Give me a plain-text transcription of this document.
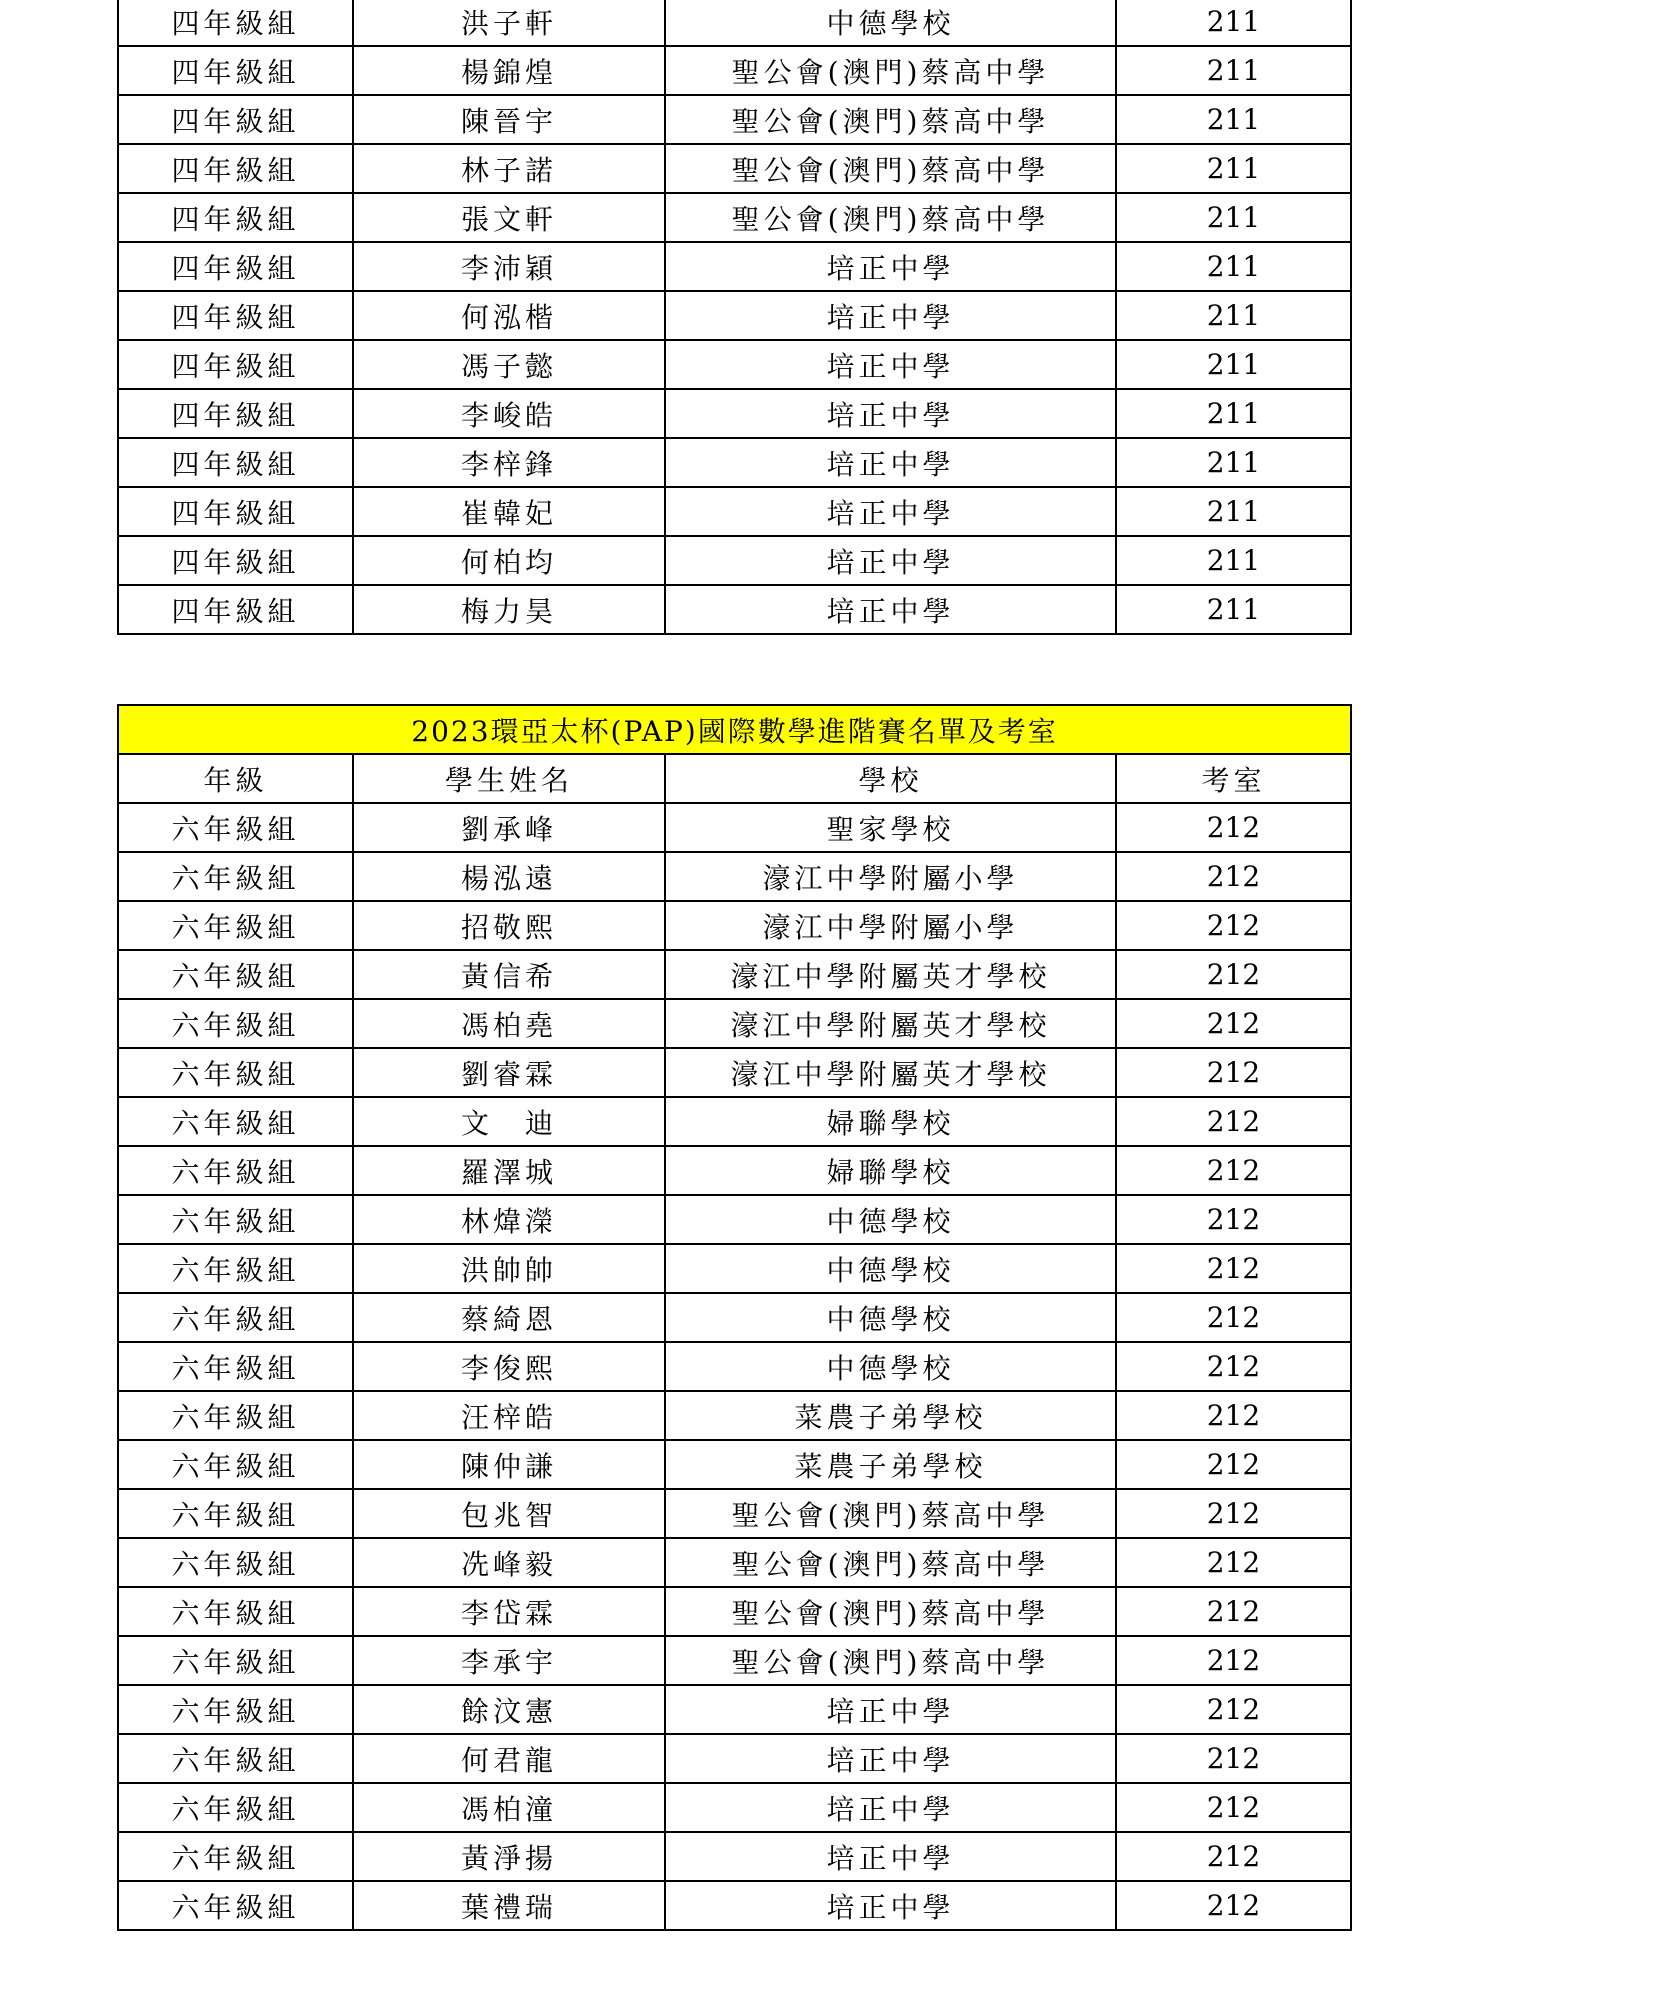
四年級組	洪子軒	中德學校	211
四年級組	楊錦煌	聖公會(澳門)蔡高中學	211
四年級組	陳晉宇	聖公會(澳門)蔡高中學	211
四年級組	林子諾	聖公會(澳門)蔡高中學	211
四年級組	張文軒	聖公會(澳門)蔡高中學	211
四年級組	李沛穎	培正中學	211
四年級組	何泓楷	培正中學	211
四年級組	馮子懿	培正中學	211
四年級組	李峻皓	培正中學	211
四年級組	李梓鋒	培正中學	211
四年級組	崔韓妃	培正中學	211
四年級組	何柏均	培正中學	211
四年級組	梅力昊	培正中學	211
2023環亞太杯(PAP)國際數學進階賽名單及考室			
年級	學生姓名	學校	考室
六年級組	劉承峰	聖家學校	212
六年級組	楊泓遠	濠江中學附屬小學	212
六年級組	招敬熙	濠江中學附屬小學	212
六年級組	黃信希	濠江中學附屬英才學校	212
六年級組	馮柏堯	濠江中學附屬英才學校	212
六年級組	劉睿霖	濠江中學附屬英才學校	212
六年級組	文　迪	婦聯學校	212
六年級組	羅澤城	婦聯學校	212
六年級組	林煒濚	中德學校	212
六年級組	洪帥帥	中德學校	212
六年級組	蔡綺恩	中德學校	212
六年級組	李俊熙	中德學校	212
六年級組	汪梓皓	菜農子弟學校	212
六年級組	陳仲謙	菜農子弟學校	212
六年級組	包兆智	聖公會(澳門)蔡高中學	212
六年級組	冼峰毅	聖公會(澳門)蔡高中學	212
六年級組	李岱霖	聖公會(澳門)蔡高中學	212
六年級組	李承宇	聖公會(澳門)蔡高中學	212
六年級組	餘汶憲	培正中學	212
六年級組	何君龍	培正中學	212
六年級組	馮柏潼	培正中學	212
六年級組	黃淨揚	培正中學	212
六年級組	葉禮瑞	培正中學	212
